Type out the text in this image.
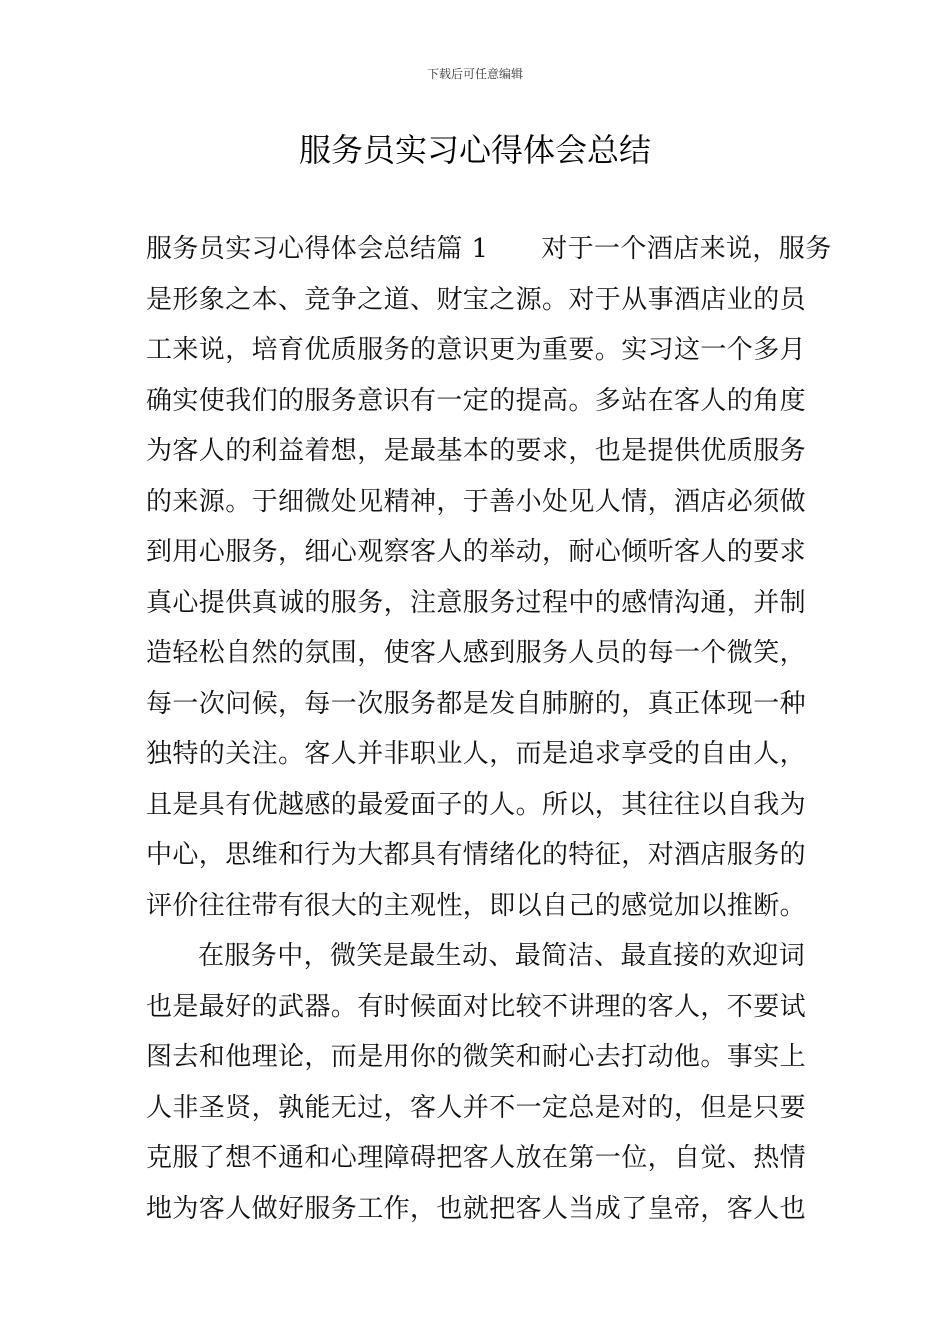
下载后可任意编辑
服务员实习心得体会总结
服务员实习心得体会总结篇 1　　对于一个酒店来说，服务
是形象之本、竞争之道、财宝之源。对于从事酒店业的员
工来说，培育优质服务的意识更为重要。实习这一个多月
确实使我们的服务意识有一定的提高。多站在客人的角度
为客人的利益着想，是最基本的要求，也是提供优质服务
的来源。于细微处见精神，于善小处见人情，酒店必须做
到用心服务，细心观察客人的举动，耐心倾听客人的要求
真心提供真诚的服务，注意服务过程中的感情沟通，并制
造轻松自然的氛围，使客人感到服务人员的每一个微笑，
每一次问候，每一次服务都是发自肺腑的，真正体现一种
独特的关注。客人并非职业人，而是追求享受的自由人，
且是具有优越感的最爱面子的人。所以，其往往以自我为
中心，思维和行为大都具有情绪化的特征，对酒店服务的
评价往往带有很大的主观性，即以自己的感觉加以推断。
在服务中，微笑是最生动、最简洁、最直接的欢迎词
也是最好的武器。有时候面对比较不讲理的客人，不要试
图去和他理论，而是用你的微笑和耐心去打动他。事实上
人非圣贤，孰能无过，客人并不一定总是对的，但是只要
克服了想不通和心理障碍把客人放在第一位，自觉、热情
地为客人做好服务工作，也就把客人当成了皇帝，客人也
